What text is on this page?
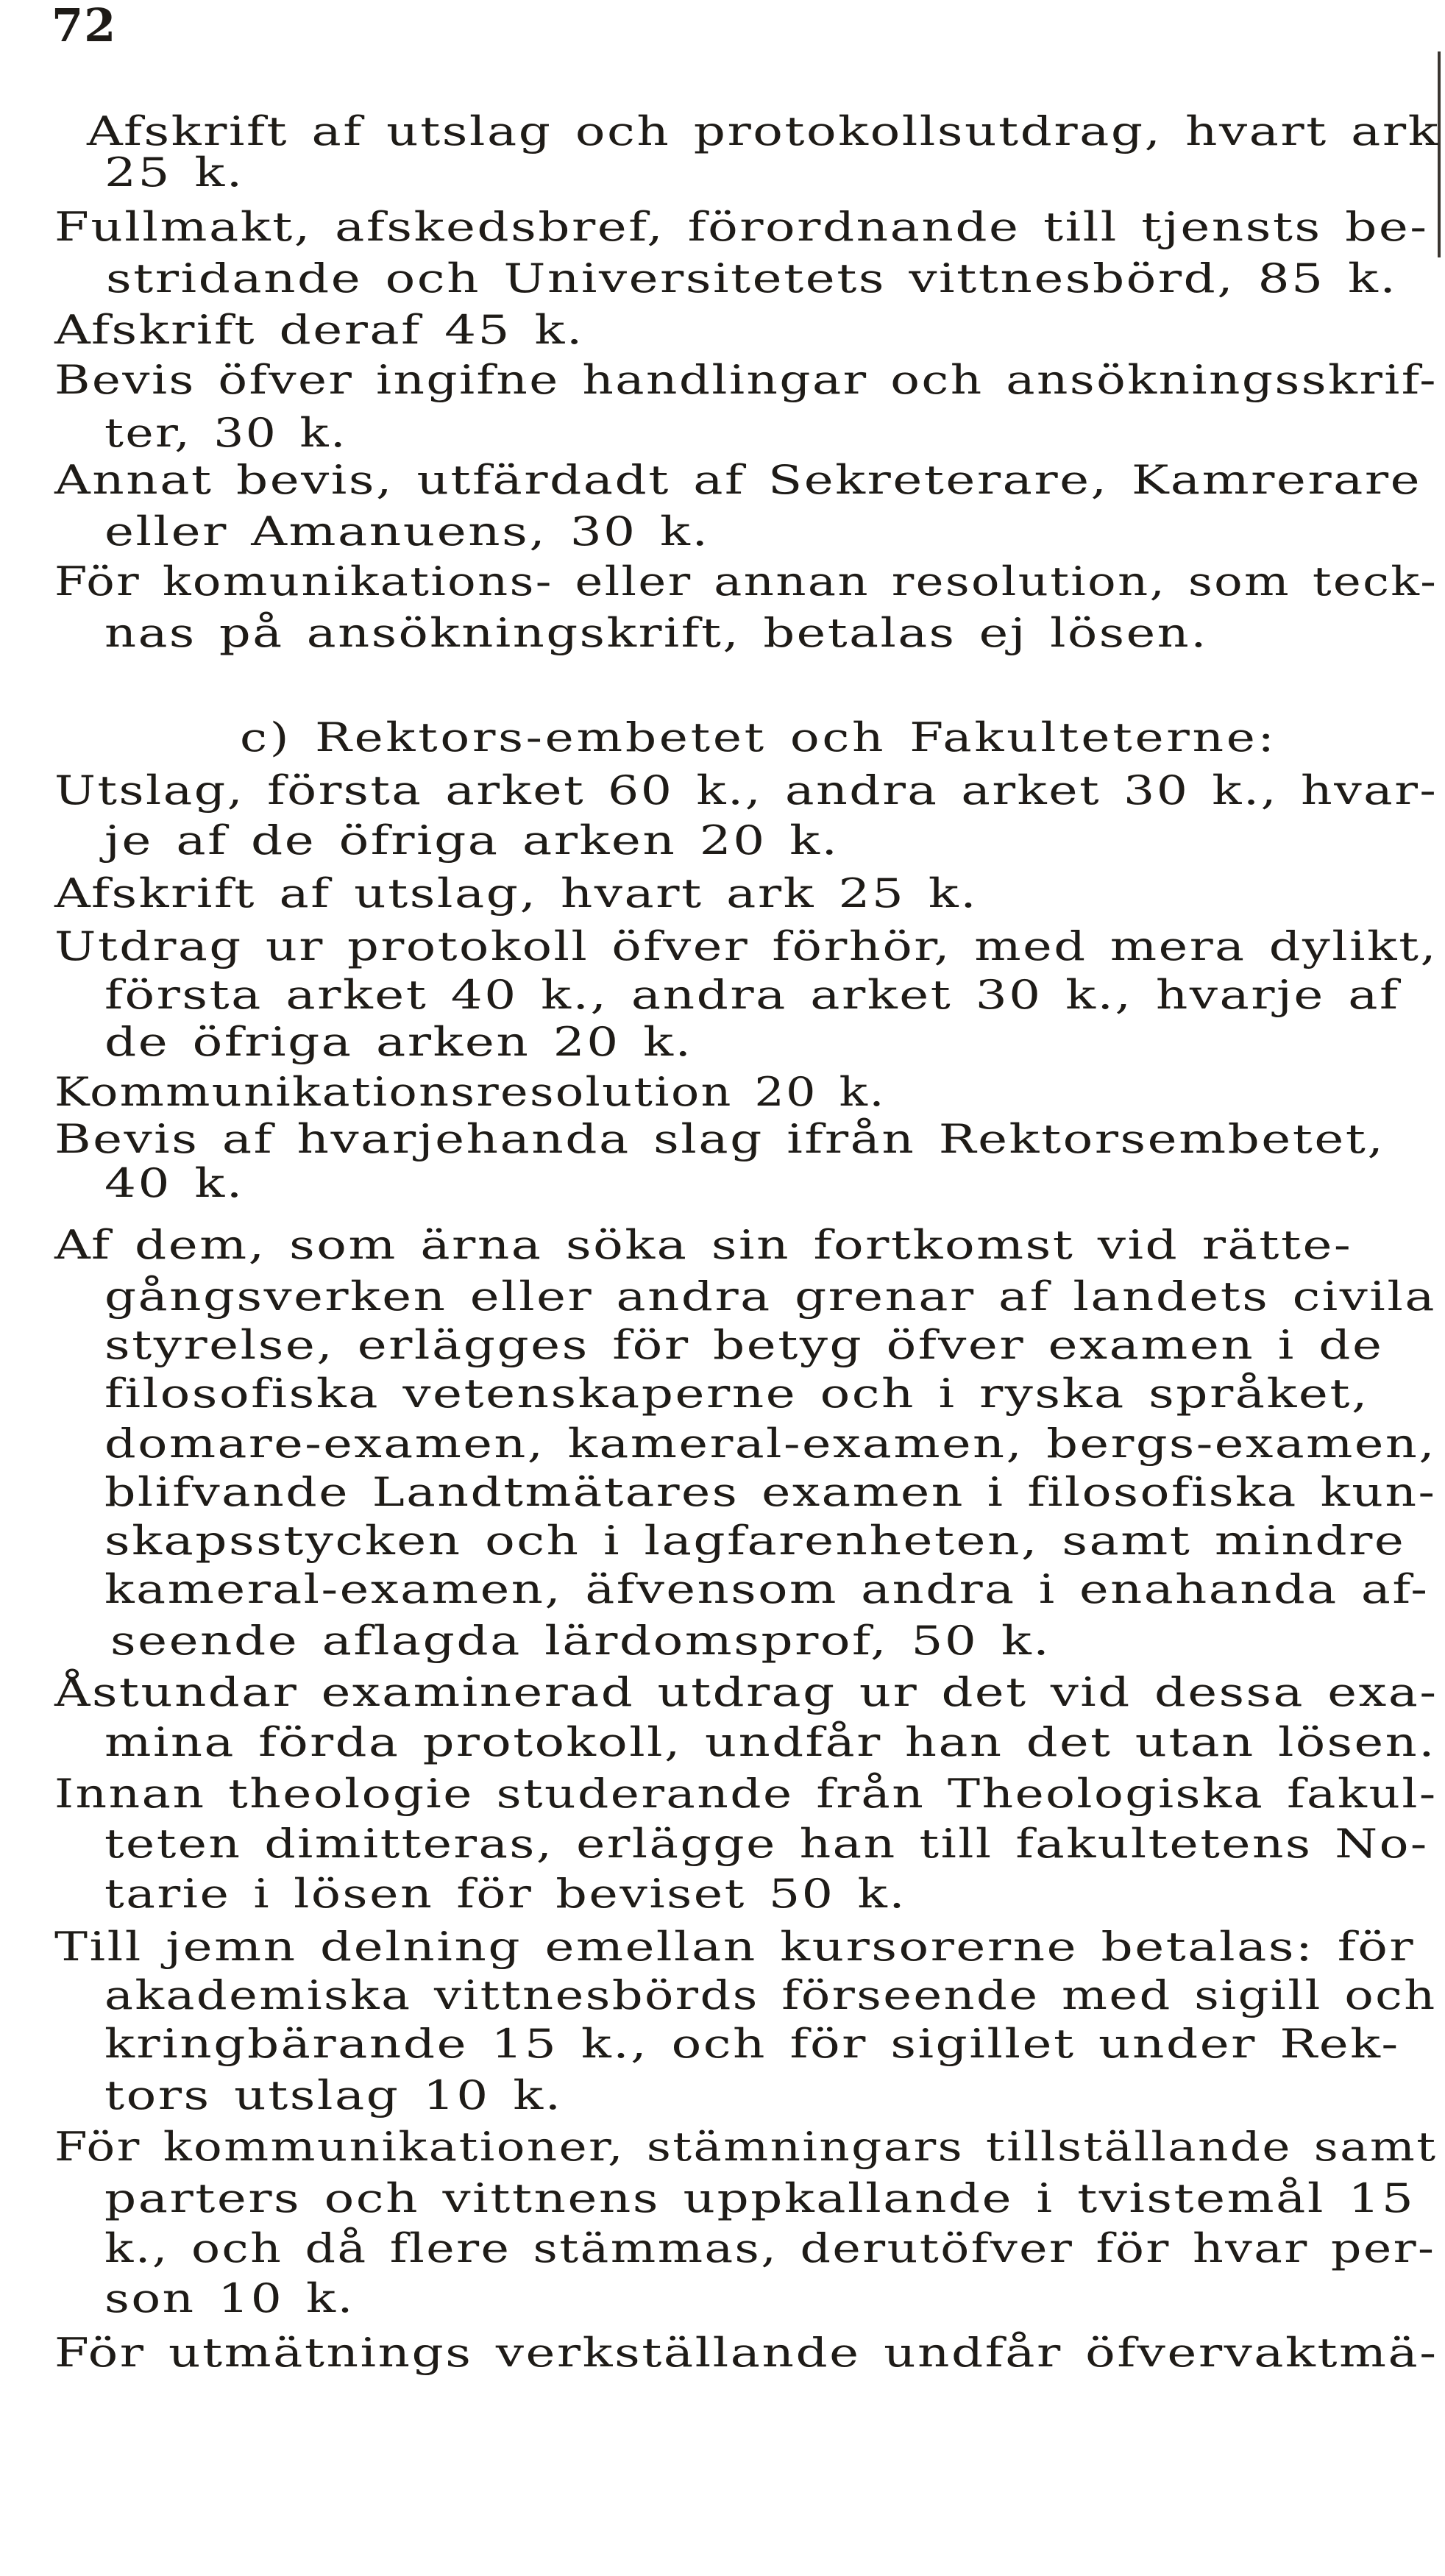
72
Afskrift af utslag och protokollsutdrag, hvart ark
25 k.
Fullmakt, afskedsbref, förordnande till tjensts be-
stridande och Universitetets vittnesbörd, 85 k.
Afskrift deraf 45 k.
Bevis öfver ingifne handlingar och ansökningsskrif-
ter, 30 k.
Annat bevis, utfärdadt af Sekreterare, Kamrerare
eller Amanuens, 30 k.
För komunikations- eller annan resolution, som teck-
nas på ansökningskrift, betalas ej lösen.
c) Rektors-embetet och Fakulteterne:
Utslag, första arket 60 k., andra arket 30 k., hvar-
je af de öfriga arken 20 k.
Afskrift af utslag, hvart ark 25 k.
Utdrag ur protokoll öfver förhör, med mera dylikt,
första arket 40 k., andra arket 30 k., hvarje af
de öfriga arken 20 k.
Kommunikationsresolution 20 k.
Bevis af hvarjehanda slag ifrån Rektorsembetet,
40 k.
Af dem, som ärna söka sin fortkomst vid rätte-
gångsverken eller andra grenar af landets civila
styrelse, erlägges för betyg öfver examen i de
filosofiska vetenskaperne och i ryska språket,
domare-examen, kameral-examen, bergs-examen,
blifvande Landtmätares examen i filosofiska kun-
skapsstycken och i lagfarenheten, samt mindre
kameral-examen, äfvensom andra i enahanda af-
seende aflagda lärdomsprof, 50 k.
Åstundar examinerad utdrag ur det vid dessa exa-
mina förda protokoll, undfår han det utan lösen.
Innan theologie studerande från Theologiska fakul-
teten dimitteras, erlägge han till fakultetens No-
tarie i lösen för beviset 50 k.
Till jemn delning emellan kursorerne betalas: för
akademiska vittnesbörds förseende med sigill och
kringbärande 15 k., och för sigillet under Rek-
tors utslag 10 k.
För kommunikationer, stämningars tillställande samt
parters och vittnens uppkallande i tvistemål 15
k., och då flere stämmas, derutöfver för hvar per-
son 10 k.
För utmätnings verkställande undfår öfvervaktmä-
